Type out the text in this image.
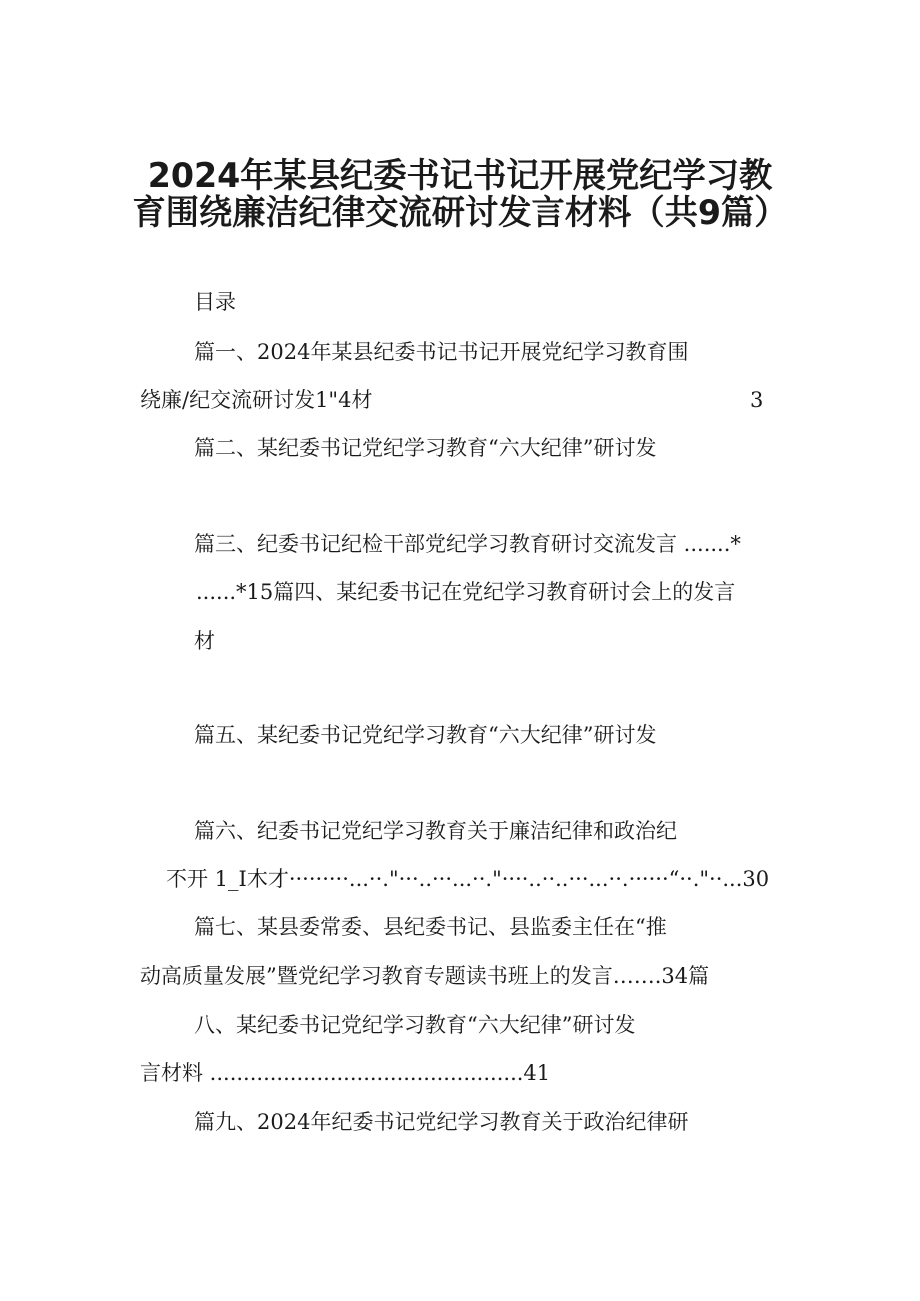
2024年某县纪委书记书记开展党纪学习教
育围绕廉洁纪律交流研讨发言材料（共9篇）
目录
篇一、2024年某县纪委书记书记开展党纪学习教育围
绕廉/纪交流研讨发1"4材	3
篇二、某纪委书记党纪学习教育“六大纪律”研讨发
篇三、纪委书记纪检干部党纪学习教育研讨交流发言 .......*
......*15篇四、某纪委书记在党纪学习教育研讨会上的发言
材
篇五、某纪委书记党纪学习教育“六大纪律”研讨发
篇六、纪委书记党纪学习教育关于廉洁纪律和政治纪
不开 1_I木才·········...··."···..···...··."····..··..···...··.······“··."··...30
篇七、某县委常委、县纪委书记、县监委主任在“推
动高质量发展”暨党纪学习教育专题读书班上的发言…….34篇
八、某纪委书记党纪学习教育“六大纪律”研讨发
言材料 ...............................................41
篇九、2024年纪委书记党纪学习教育关于政治纪律研
